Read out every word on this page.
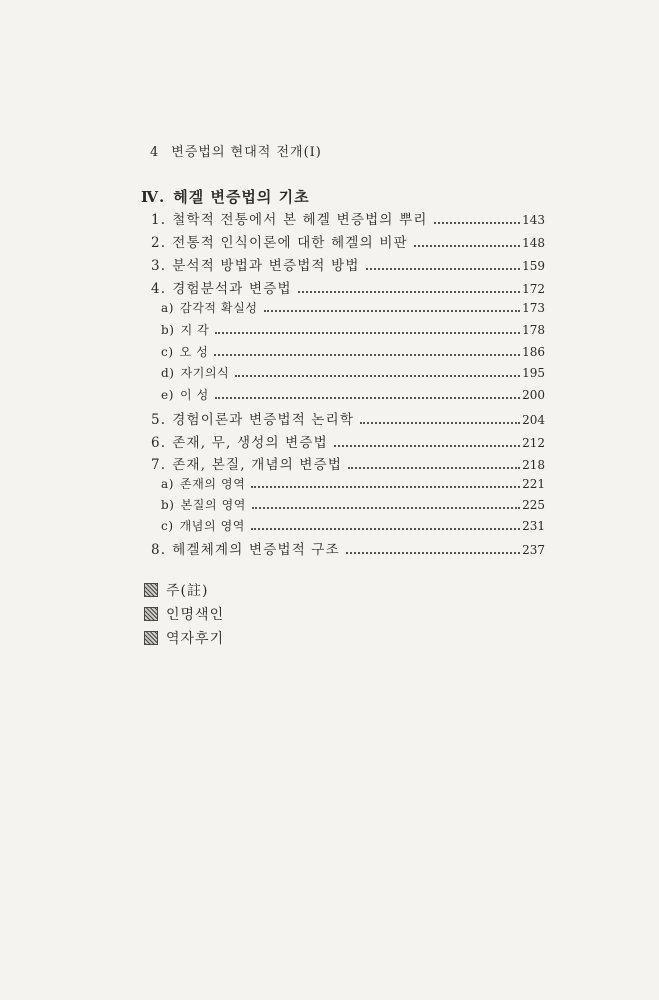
4 변증법의 현대적 전개(Ⅰ)
Ⅳ. 헤겔 변증법의 기초
1. 철학적 전통에서 본 헤겔 변증법의 뿌리	143
2. 전통적 인식이론에 대한 헤겔의 비판	148
3. 분석적 방법과 변증법적 방법	159
4. 경험분석과 변증법	172
a) 감각적 확실성	173
b) 지 각	178
c) 오 성	186
d) 자기의식	195
e) 이 성	200
5. 경험이론과 변증법적 논리학	204
6. 존재, 무, 생성의 변증법	212
7. 존재, 본질, 개념의 변증법	218
a) 존재의 영역	221
b) 본질의 영역	225
c) 개념의 영역	231
8. 헤겔체계의 변증법적 구조	237
주(註)
인명색인
역자후기
